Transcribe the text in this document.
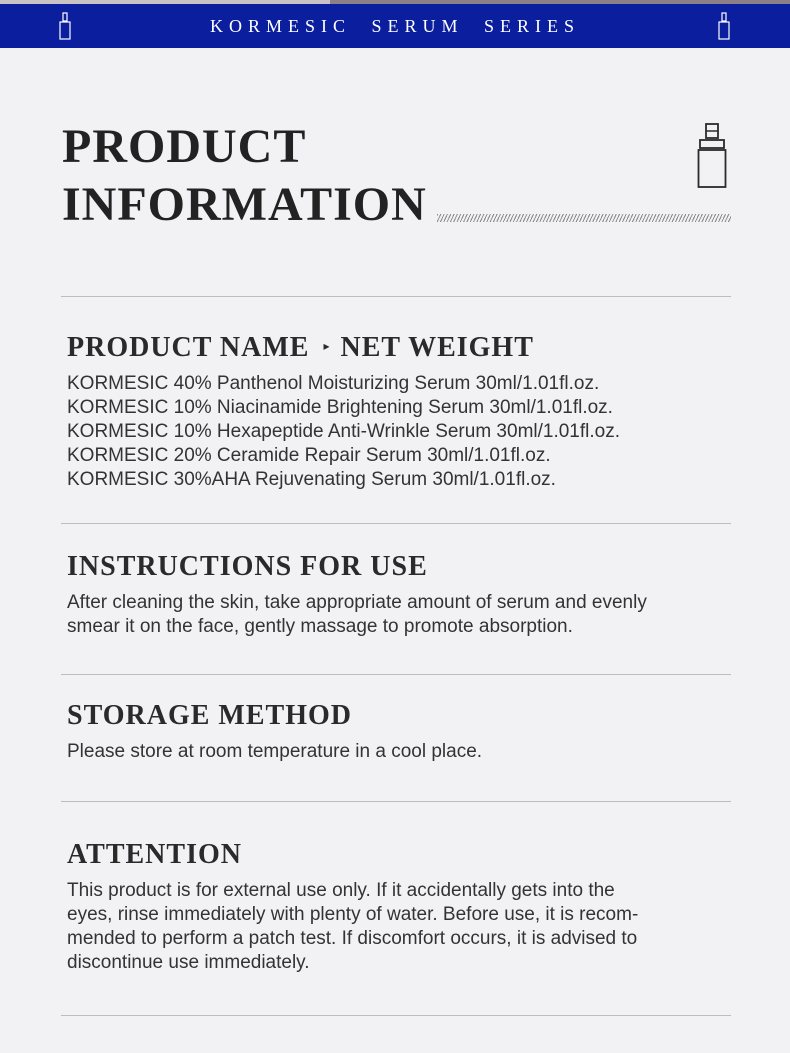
KORMESIC SERUM SERIES
PRODUCT
INFORMATION
PRODUCT NAME ▸ NET WEIGHT
KORMESIC 40% Panthenol Moisturizing Serum 30ml/1.01fl.oz.
KORMESIC 10% Niacinamide Brightening Serum 30ml/1.01fl.oz.
KORMESIC 10% Hexapeptide Anti-Wrinkle Serum 30ml/1.01fl.oz.
KORMESIC 20% Ceramide Repair Serum 30ml/1.01fl.oz.
KORMESIC 30%AHA Rejuvenating Serum 30ml/1.01fl.oz.
INSTRUCTIONS FOR USE
After cleaning the skin, take appropriate amount of serum and evenly
smear it on the face, gently massage to promote absorption.
STORAGE METHOD
Please store at room temperature in a cool place.
ATTENTION
This product is for external use only. If it accidentally gets into the
eyes, rinse immediately with plenty of water. Before use, it is recom-
mended to perform a patch test. If discomfort occurs, it is advised to
discontinue use immediately.
